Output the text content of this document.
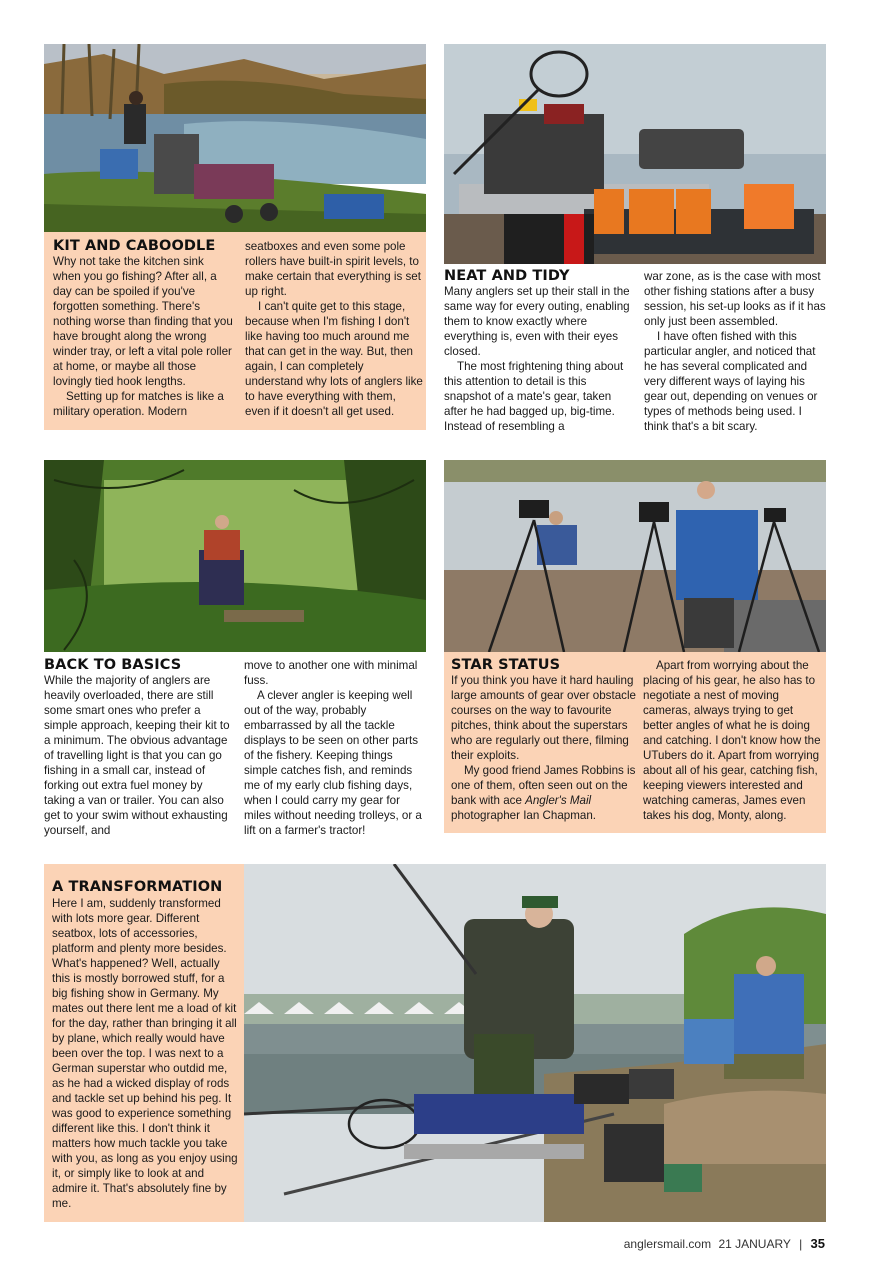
KIT AND CABOODLE

Why not take the kitchen sink when you go fishing? After all, a day can be spoiled if you've forgotten something. There's nothing worse than finding that you have brought along the wrong winder tray, or left a vital pole roller at home, or maybe all those lovingly tied hook lengths.

Setting up for matches is like a military operation. Modern

seatboxes and even some pole rollers have built-in spirit levels, to make certain that everything is set up right.

I can't quite get to this stage, because when I'm fishing I don't like having too much around me that can get in the way. But, then again, I can completely understand why lots of anglers like to have everything with them, even if it doesn't all get used.

NEAT AND TIDY

Many anglers set up their stall in the same way for every outing, enabling them to know exactly where everything is, even with their eyes closed.

The most frightening thing about this attention to detail is this snapshot of a mate's gear, taken after he had bagged up, big-time. Instead of resembling a

war zone, as is the case with most other fishing stations after a busy session, his set-up looks as if it has only just been assembled.

I have often fished with this particular angler, and noticed that he has several complicated and very different ways of laying his gear out, depending on venues or types of methods being used. I think that's a bit scary.

BACK TO BASICS

While the majority of anglers are heavily overloaded, there are still some smart ones who prefer a simple approach, keeping their kit to a minimum. The obvious advantage of travelling light is that you can go fishing in a small car, instead of forking out extra fuel money by taking a van or trailer. You can also get to your swim without exhausting yourself, and

move to another one with minimal fuss.

A clever angler is keeping well out of the way, probably embarrassed by all the tackle displays to be seen on other parts of the fishery. Keeping things simple catches fish, and reminds me of my early club fishing days, when I could carry my gear for miles without needing trolleys, or a lift on a farmer's tractor!

STAR STATUS

If you think you have it hard hauling large amounts of gear over obstacle courses on the way to favourite pitches, think about the superstars who are regularly out there, filming their exploits.

My good friend James Robbins is one of them, often seen out on the bank with ace Angler's Mail photographer Ian Chapman.

Apart from worrying about the placing of his gear, he also has to negotiate a nest of moving cameras, always trying to get better angles of what he is doing and catching. I don't know how the UTubers do it. Apart from worrying about all of his gear, catching fish, keeping viewers interested and watching cameras, James even takes his dog, Monty, along.

A TRANSFORMATION

Here I am, suddenly transformed with lots more gear. Different seatbox, lots of accessories, platform and plenty more besides. What's happened? Well, actually this is mostly borrowed stuff, for a big fishing show in Germany. My mates out there lent me a load of kit for the day, rather than bringing it all by plane, which really would have been over the top. I was next to a German superstar who outdid me, as he had a wicked display of rods and tackle set up behind his peg. It was good to experience something different like this. I don't think it matters how much tackle you take with you, as long as you enjoy using it, or simply like to look at and admire it. That's absolutely fine by me.

anglersmail.com 21 JANUARY | 35
